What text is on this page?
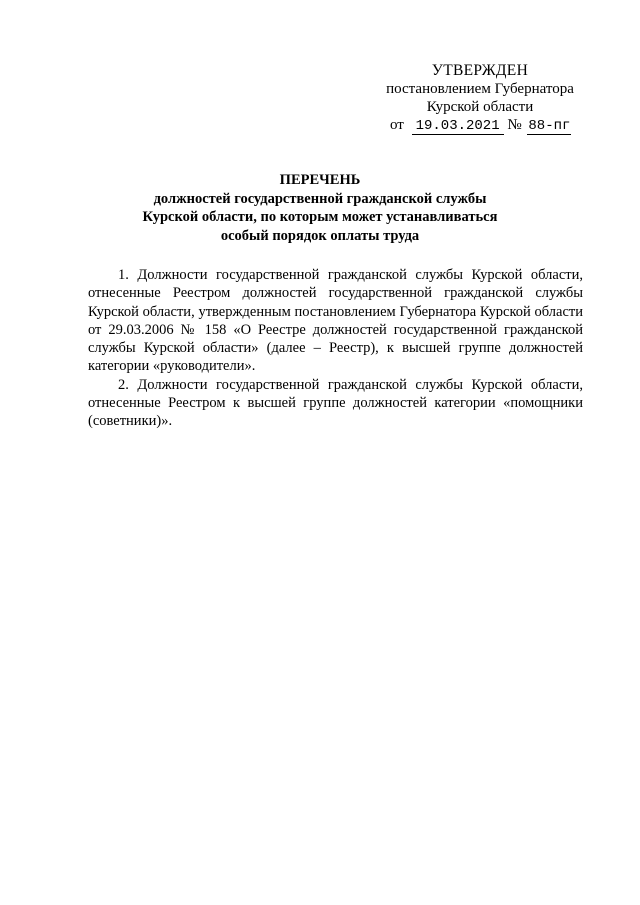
УТВЕРЖДЕН
постановлением Губернатора
Курской области
от 19.03.2021 № 88-пг
ПЕРЕЧЕНЬ
должностей государственной гражданской службы
Курской области, по которым может устанавливаться
особый порядок оплаты труда

1. Должности государственной гражданской службы Курской области, отнесенные Реестром должностей государственной гражданской службы Курской области, утвержденным постановлением Губернатора Курской области от 29.03.2006 № 158 «О Реестре должностей государственной гражданской службы Курской области» (далее – Реестр), к высшей группе должностей категории «руководители».

2. Должности государственной гражданской службы Курской области, отнесенные Реестром к высшей группе должностей категории «помощники (советники)».
